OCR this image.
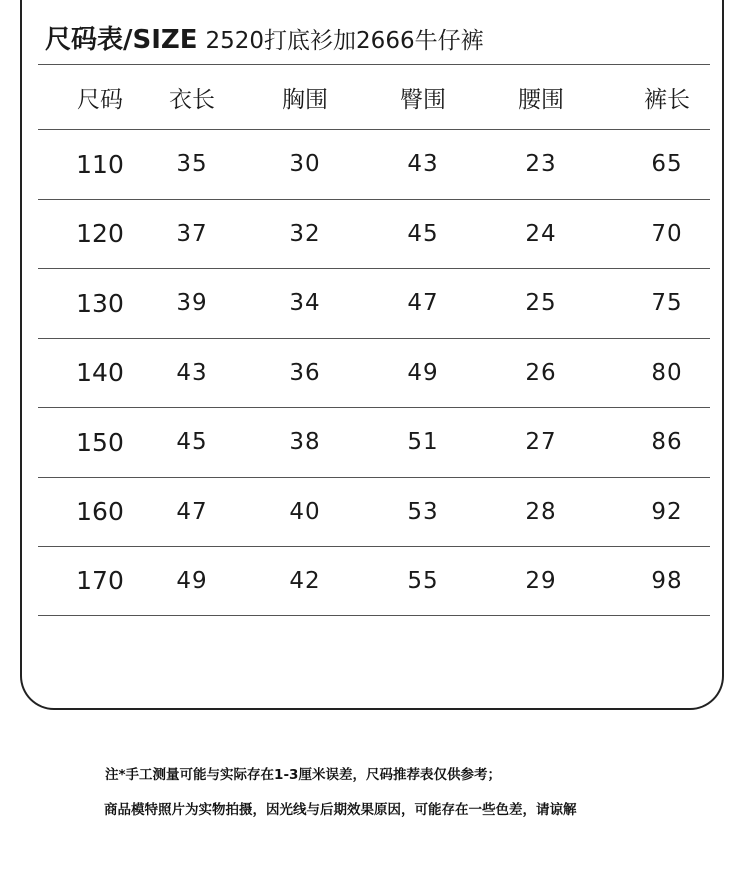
尺码表/SIZE 2520打底衫加2666牛仔裤
尺码	衣长	胸围	臀围	腰围	裤长
110	35	30	43	23	65
120	37	32	45	24	70
130	39	34	47	25	75
140	43	36	49	26	80
150	45	38	51	27	86
160	47	40	53	28	92
170	49	42	55	29	98
注*手工测量可能与实际存在1-3厘米误差，尺码推荐表仅供参考；
商品模特照片为实物拍摄，因光线与后期效果原因，可能存在一些色差，请谅解
